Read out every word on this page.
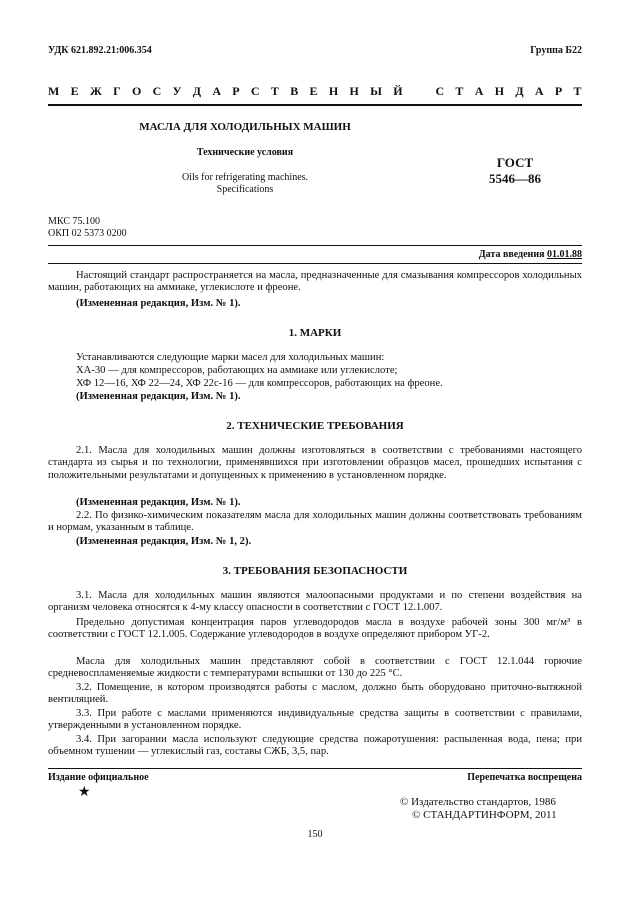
УДК 621.892.21:006.354	Группа Б22
М Е Ж Г О С У Д А Р С Т В Е Н Н Ы Й   С Т А Н Д А Р Т
МАСЛА ДЛЯ ХОЛОДИЛЬНЫХ МАШИН
Технические условия
Oils for refrigerating machines.
Specifications
ГОСТ
5546—86
МКС 75.100
ОКП 02 5373 0200
Дата введения 01.01.88
Настоящий стандарт распространяется на масла, предназначенные для смазывания компрессоров холодильных машин, работающих на аммиаке, углекислоте и фреоне.
(Измененная редакция, Изм. № 1).
1. МАРКИ
Устанавливаются следующие марки масел для холодильных машин:
ХА-30 — для компрессоров, работающих на аммиаке или углекислоте;
ХФ 12—16, ХФ 22—24, ХФ 22с-16 — для компрессоров, работающих на фреоне.
(Измененная редакция, Изм. № 1).
2. ТЕХНИЧЕСКИЕ ТРЕБОВАНИЯ
2.1. Масла для холодильных машин должны изготовляться в соответствии с требованиями настоящего стандарта из сырья и по технологии, применявшихся при изготовлении образцов масел, прошедших испытания с положительными результатами и допущенных к применению в установленном порядке.
(Измененная редакция, Изм. № 1).
2.2. По физико-химическим показателям масла для холодильных машин должны соответствовать требованиям и нормам, указанным в таблице.
(Измененная редакция, Изм. № 1, 2).
3. ТРЕБОВАНИЯ БЕЗОПАСНОСТИ
3.1. Масла для холодильных машин являются малоопасными продуктами и по степени воздействия на организм человека относятся к 4-му классу опасности в соответствии с ГОСТ 12.1.007.
Предельно допустимая концентрация паров углеводородов масла в воздухе рабочей зоны 300 мг/м³ в соответствии с ГОСТ 12.1.005. Содержание углеводородов в воздухе определяют прибором УГ-2.
Масла для холодильных машин представляют собой в соответствии с ГОСТ 12.1.044 горючие средневоспламеняемые жидкости с температурами вспышки от 130 до 225 °С.
3.2. Помещение, в котором производятся работы с маслом, должно быть оборудовано приточно-вытяжной вентиляцией.
3.3. При работе с маслами применяются индивидуальные средства защиты в соответствии с правилами, утвержденными в установленном порядке.
3.4. При загорании масла используют следующие средства пожаротушения: распыленная вода, пена; при объемном тушении — углекислый газ, составы СЖБ, 3,5, пар.
Издание официальное	Перепечатка воспрещена
★
© Издательство стандартов, 1986
© СТАНДАРТИНФОРМ, 2011
150
